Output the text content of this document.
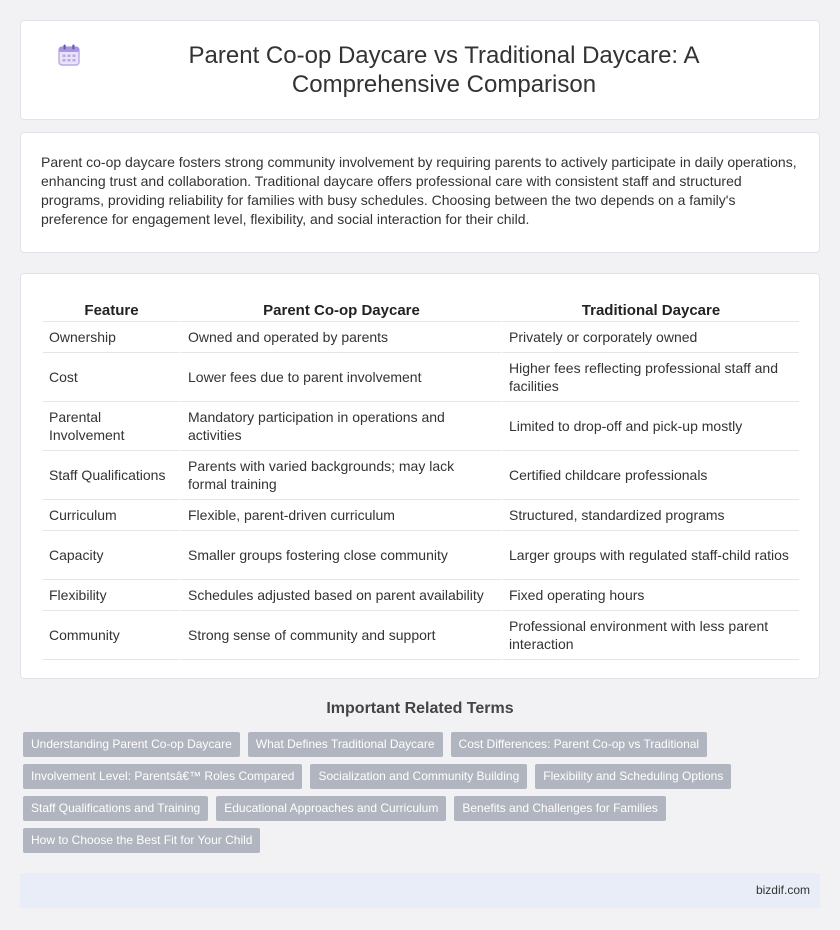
Parent Co-op Daycare vs Traditional Daycare: A Comprehensive Comparison

Parent co-op daycare fosters strong community involvement by requiring parents to actively participate in daily operations, enhancing trust and collaboration. Traditional daycare offers professional care with consistent staff and structured programs, providing reliability for families with busy schedules. Choosing between the two depends on a family's preference for engagement level, flexibility, and social interaction for their child.

Feature	Parent Co-op Daycare	Traditional Daycare
Ownership	Owned and operated by parents	Privately or corporately owned
Cost	Lower fees due to parent involvement	Higher fees reflecting professional staff and facilities
Parental Involvement	Mandatory participation in operations and activities	Limited to drop-off and pick-up mostly
Staff Qualifications	Parents with varied backgrounds; may lack formal training	Certified childcare professionals
Curriculum	Flexible, parent-driven curriculum	Structured, standardized programs
Capacity	Smaller groups fostering close community	Larger groups with regulated staff-child ratios
Flexibility	Schedules adjusted based on parent availability	Fixed operating hours
Community	Strong sense of community and support	Professional environment with less parent interaction
Important Related Terms
Understanding Parent Co-op Daycare	What Defines Traditional Daycare	Cost Differences: Parent Co-op vs Traditional
Involvement Level: Parentsâ€™ Roles Compared	Socialization and Community Building	Flexibility and Scheduling Options
Staff Qualifications and Training	Educational Approaches and Curriculum	Benefits and Challenges for Families
How to Choose the Best Fit for Your Child
bizdif.com
